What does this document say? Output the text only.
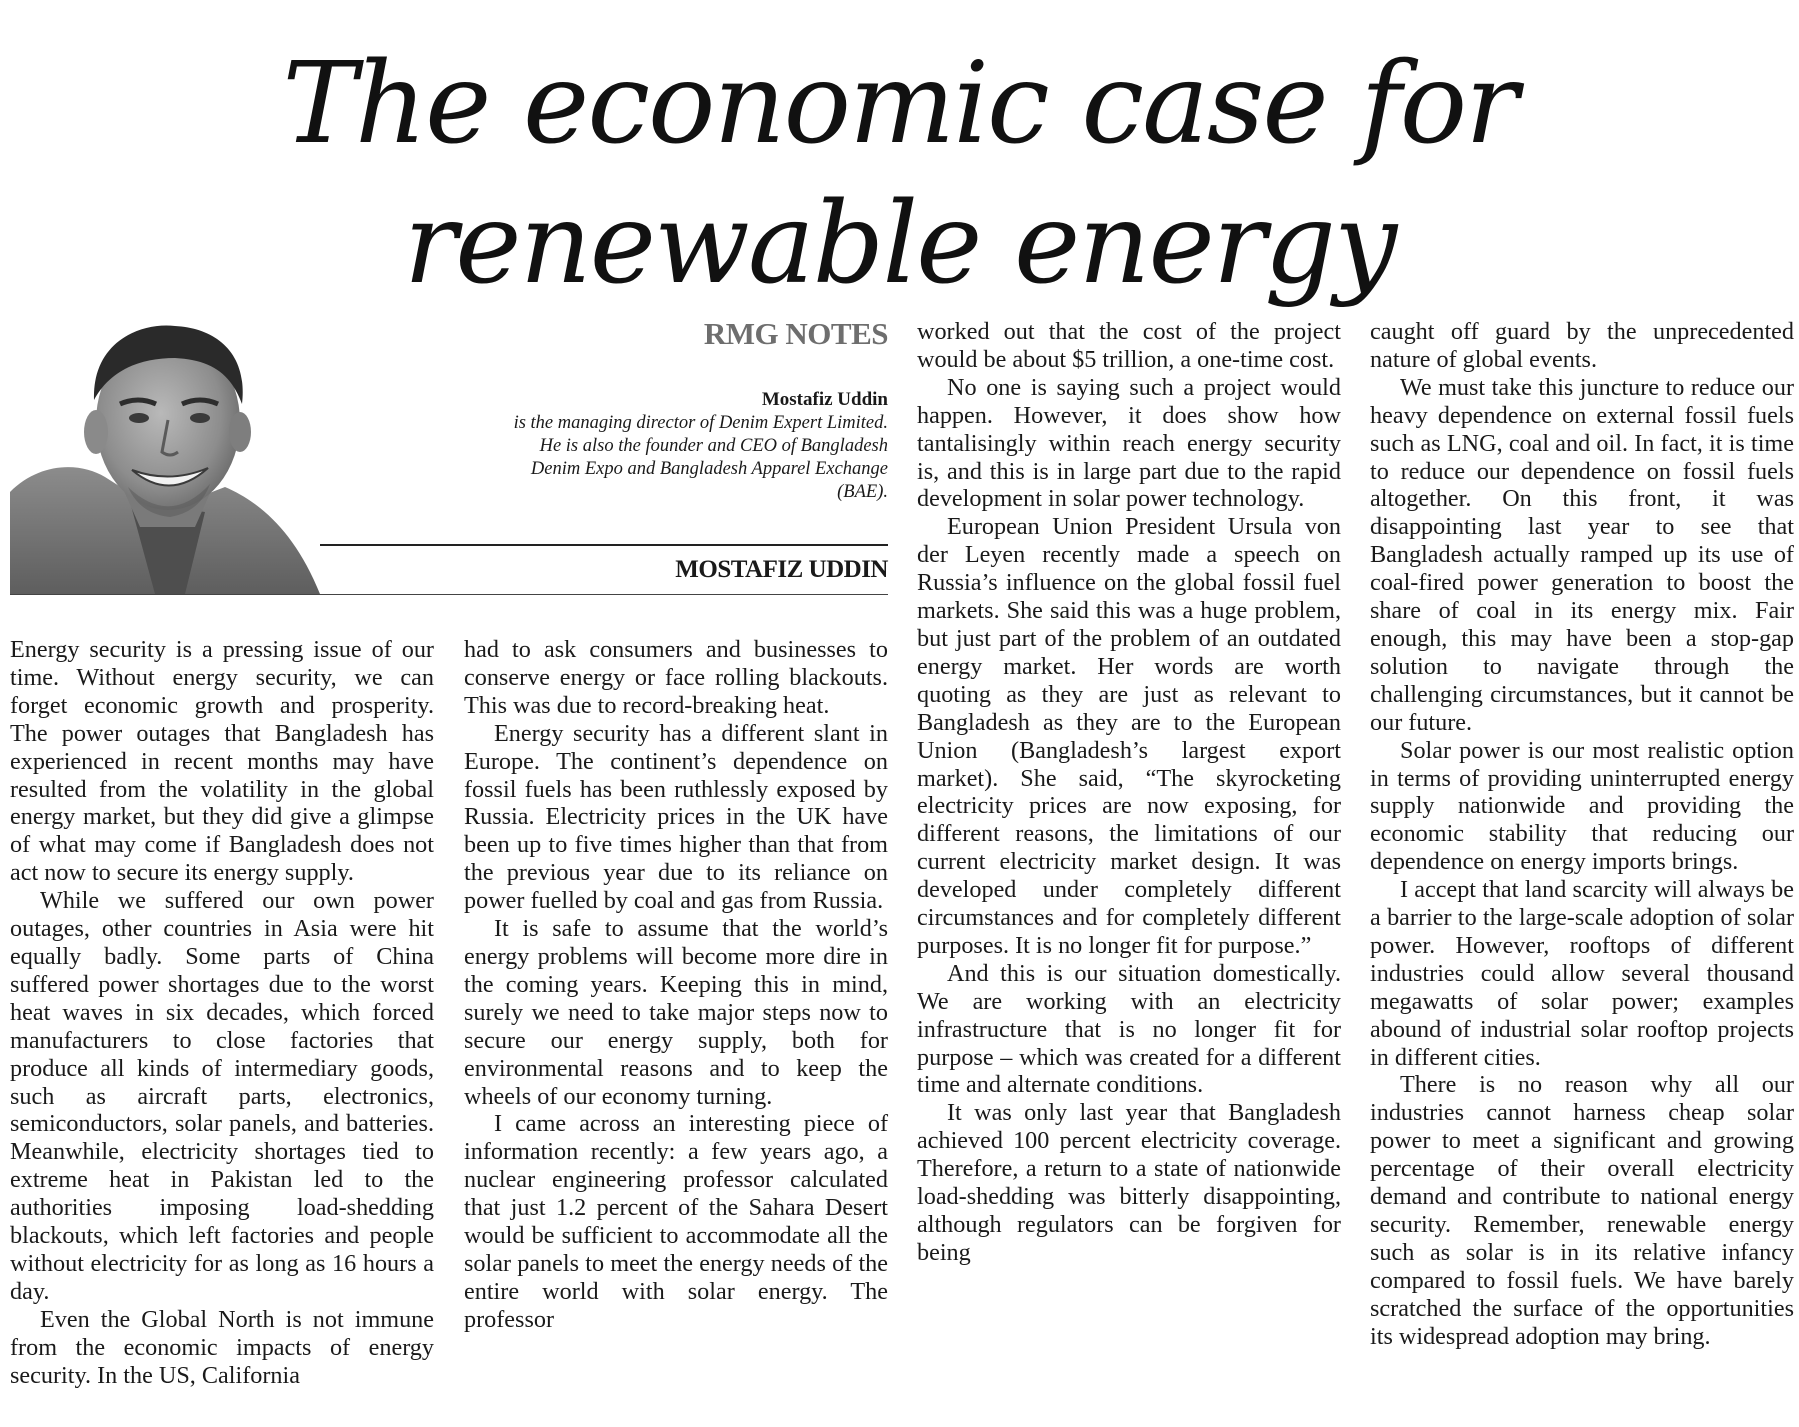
The economic case for
renewable energy
RMG NOTES
Mostafiz Uddin
is the managing director of Denim Expert Limited. He is also the founder and CEO of Bangladesh Denim Expo and Bangladesh Apparel Exchange (BAE).
MOSTAFIZ UDDIN

Energy security is a pressing issue of our time. Without energy security, we can forget economic growth and prosperity. The power outages that Bangladesh has experienced in recent months may have resulted from the volatility in the global energy market, but they did give a glimpse of what may come if Bangladesh does not act now to secure its energy supply.

While we suffered our own power outages, other countries in Asia were hit equally badly. Some parts of China suffered power shortages due to the worst heat waves in six decades, which forced manufacturers to close factories that produce all kinds of intermediary goods, such as aircraft parts, electronics, semiconductors, solar panels, and batteries. Meanwhile, electricity shortages tied to extreme heat in Pakistan led to the authorities imposing load-shedding blackouts, which left factories and people without electricity for as long as 16 hours a day.

Even the Global North is not immune from the economic impacts of energy security. In the US, California

had to ask consumers and businesses to conserve energy or face rolling blackouts. This was due to record-breaking heat.

Energy security has a different slant in Europe. The continent’s dependence on fossil fuels has been ruthlessly exposed by Russia. Electricity prices in the UK have been up to five times higher than that from the previous year due to its reliance on power fuelled by coal and gas from Russia.

It is safe to assume that the world’s energy problems will become more dire in the coming years. Keeping this in mind, surely we need to take major steps now to secure our energy supply, both for environmental reasons and to keep the wheels of our economy turning.

I came across an interesting piece of information recently: a few years ago, a nuclear engineering professor calculated that just 1.2 percent of the Sahara Desert would be sufficient to accommodate all the solar panels to meet the energy needs of the entire world with solar energy. The professor

worked out that the cost of the project would be about $5 trillion, a one-time cost.

No one is saying such a project would happen. However, it does show how tantalisingly within reach energy security is, and this is in large part due to the rapid development in solar power technology.

European Union President Ursula von der Leyen recently made a speech on Russia’s influence on the global fossil fuel markets. She said this was a huge problem, but just part of the problem of an outdated energy market. Her words are worth quoting as they are just as relevant to Bangladesh as they are to the European Union (Bangladesh’s largest export market). She said, “The skyrocketing electricity prices are now exposing, for different reasons, the limitations of our current electricity market design. It was developed under completely different circumstances and for completely different purposes. It is no longer fit for purpose.”

And this is our situation domestically. We are working with an electricity infrastructure that is no longer fit for purpose – which was created for a different time and alternate conditions.

It was only last year that Bangladesh achieved 100 percent electricity coverage. Therefore, a return to a state of nationwide load-shedding was bitterly disappointing, although regulators can be forgiven for being

caught off guard by the unprecedented nature of global events.

We must take this juncture to reduce our heavy dependence on external fossil fuels such as LNG, coal and oil. In fact, it is time to reduce our dependence on fossil fuels altogether. On this front, it was disappointing last year to see that Bangladesh actually ramped up its use of coal-fired power generation to boost the share of coal in its energy mix. Fair enough, this may have been a stop-gap solution to navigate through the challenging circumstances, but it cannot be our future.

Solar power is our most realistic option in terms of providing uninterrupted energy supply nationwide and providing the economic stability that reducing our dependence on energy imports brings.

I accept that land scarcity will always be a barrier to the large-scale adoption of solar power. However, rooftops of different industries could allow several thousand megawatts of solar power; examples abound of industrial solar rooftop projects in different cities.

There is no reason why all our industries cannot harness cheap solar power to meet a significant and growing percentage of their overall electricity demand and contribute to national energy security. Remember, renewable energy such as solar is in its relative infancy compared to fossil fuels. We have barely scratched the surface of the opportunities its widespread adoption may bring.
